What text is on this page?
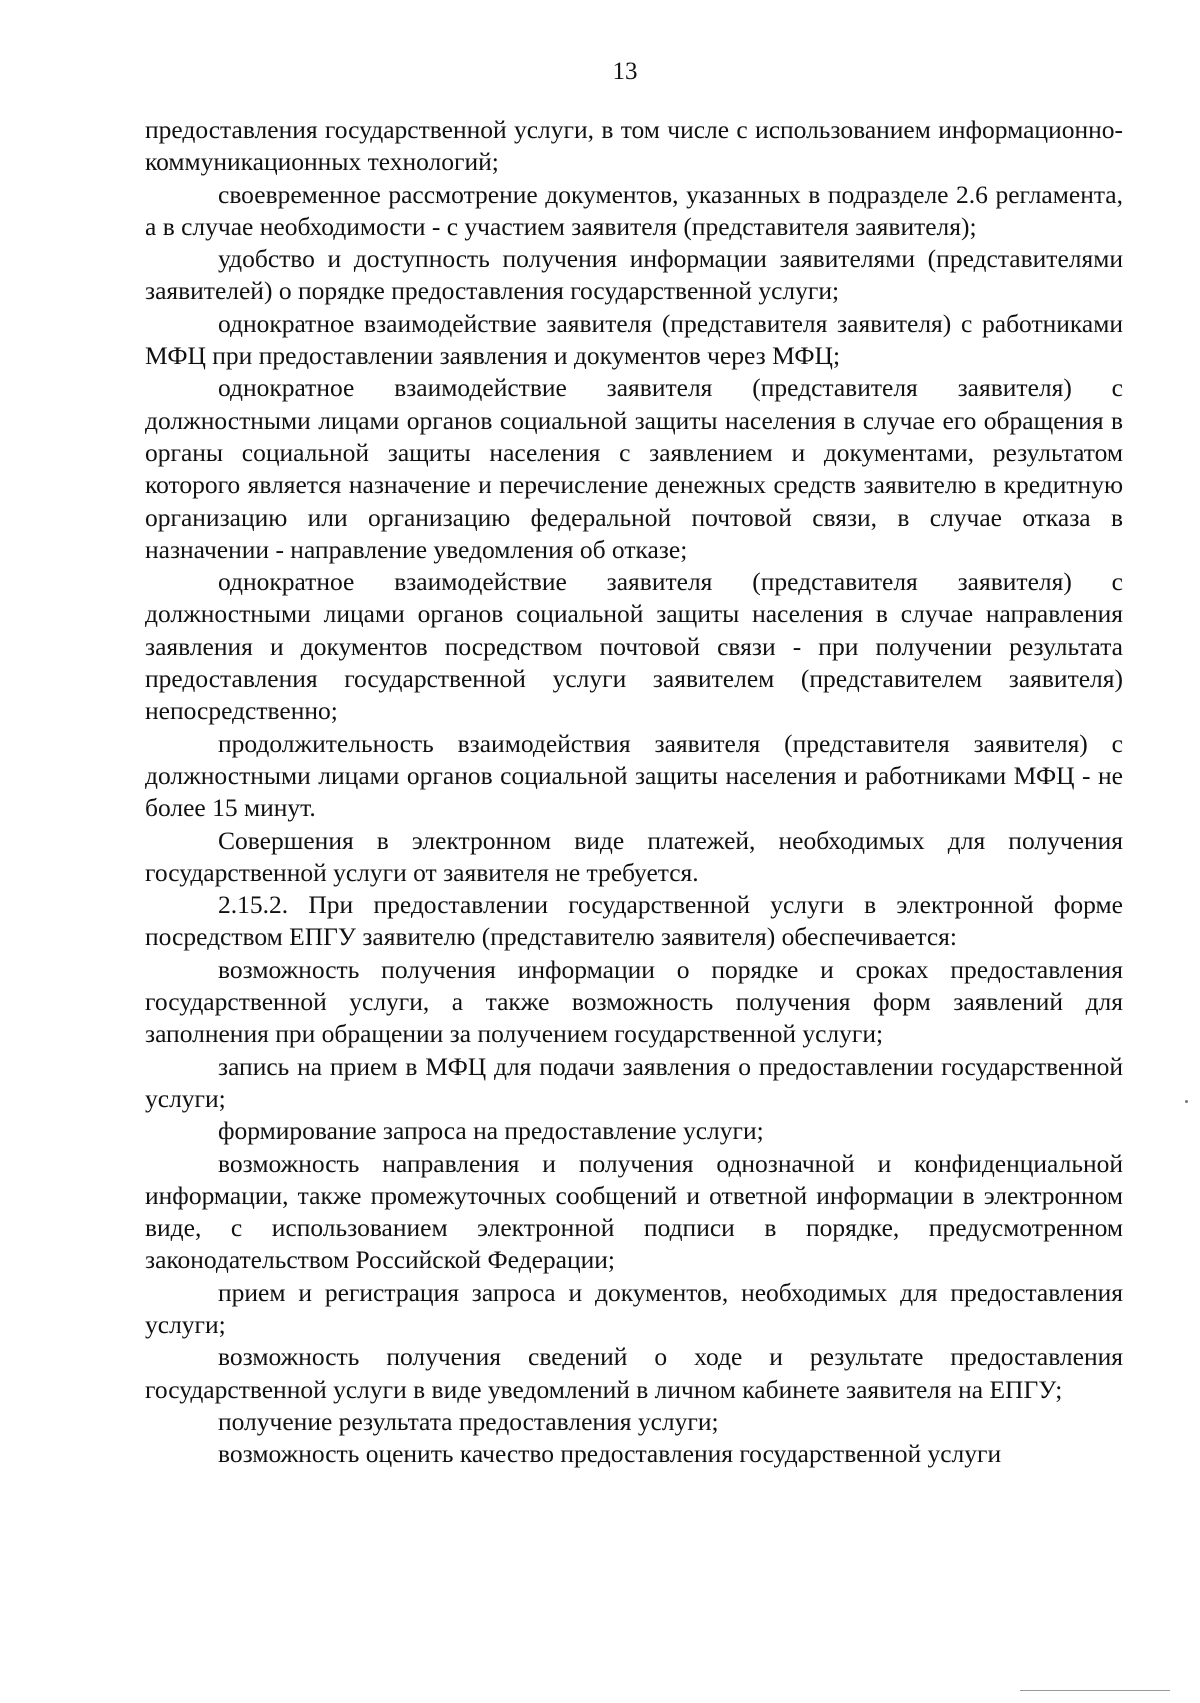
13

предоставления государственной услуги, в том числе с использованием информационно-коммуникационных технологий;

своевременное рассмотрение документов, указанных в подразделе 2.6 регламента, а в случае необходимости - с участием заявителя (представителя заявителя);

удобство и доступность получения информации заявителями (представителями заявителей) о порядке предоставления государственной услуги;

однократное взаимодействие заявителя (представителя заявителя) с работниками МФЦ при предоставлении заявления и документов через МФЦ;

однократное взаимодействие заявителя (представителя заявителя) с должностными лицами органов социальной защиты населения в случае его обращения в органы социальной защиты населения с заявлением и документами, результатом которого является назначение и перечисление денежных средств заявителю в кредитную организацию или организацию федеральной почтовой связи, в случае отказа в назначении - направление уведомления об отказе;

однократное взаимодействие заявителя (представителя заявителя) с должностными лицами органов социальной защиты населения в случае направления заявления и документов посредством почтовой связи - при получении результата предоставления государственной услуги заявителем (представителем заявителя) непосредственно;

продолжительность взаимодействия заявителя (представителя заявителя) с должностными лицами органов социальной защиты населения и работниками МФЦ - не более 15 минут.

Совершения в электронном виде платежей, необходимых для получения государственной услуги от заявителя не требуется.

2.15.2. При предоставлении государственной услуги в электронной форме посредством ЕПГУ заявителю (представителю заявителя) обеспечивается:

возможность получения информации о порядке и сроках предоставления государственной услуги, а также возможность получения форм заявлений для заполнения при обращении за получением государственной услуги;

запись на прием в МФЦ для подачи заявления о предоставлении государственной услуги;

формирование запроса на предоставление услуги;

возможность направления и получения однозначной и конфиденциальной информации, также промежуточных сообщений и ответной информации в электронном виде, с использованием электронной подписи в порядке, предусмотренном законодательством Российской Федерации;

прием и регистрация запроса и документов, необходимых для предоставления услуги;

возможность получения сведений о ходе и результате предоставления государственной услуги в виде уведомлений в личном кабинете заявителя на ЕПГУ;

получение результата предоставления услуги;

возможность оценить качество предоставления государственной услуги
